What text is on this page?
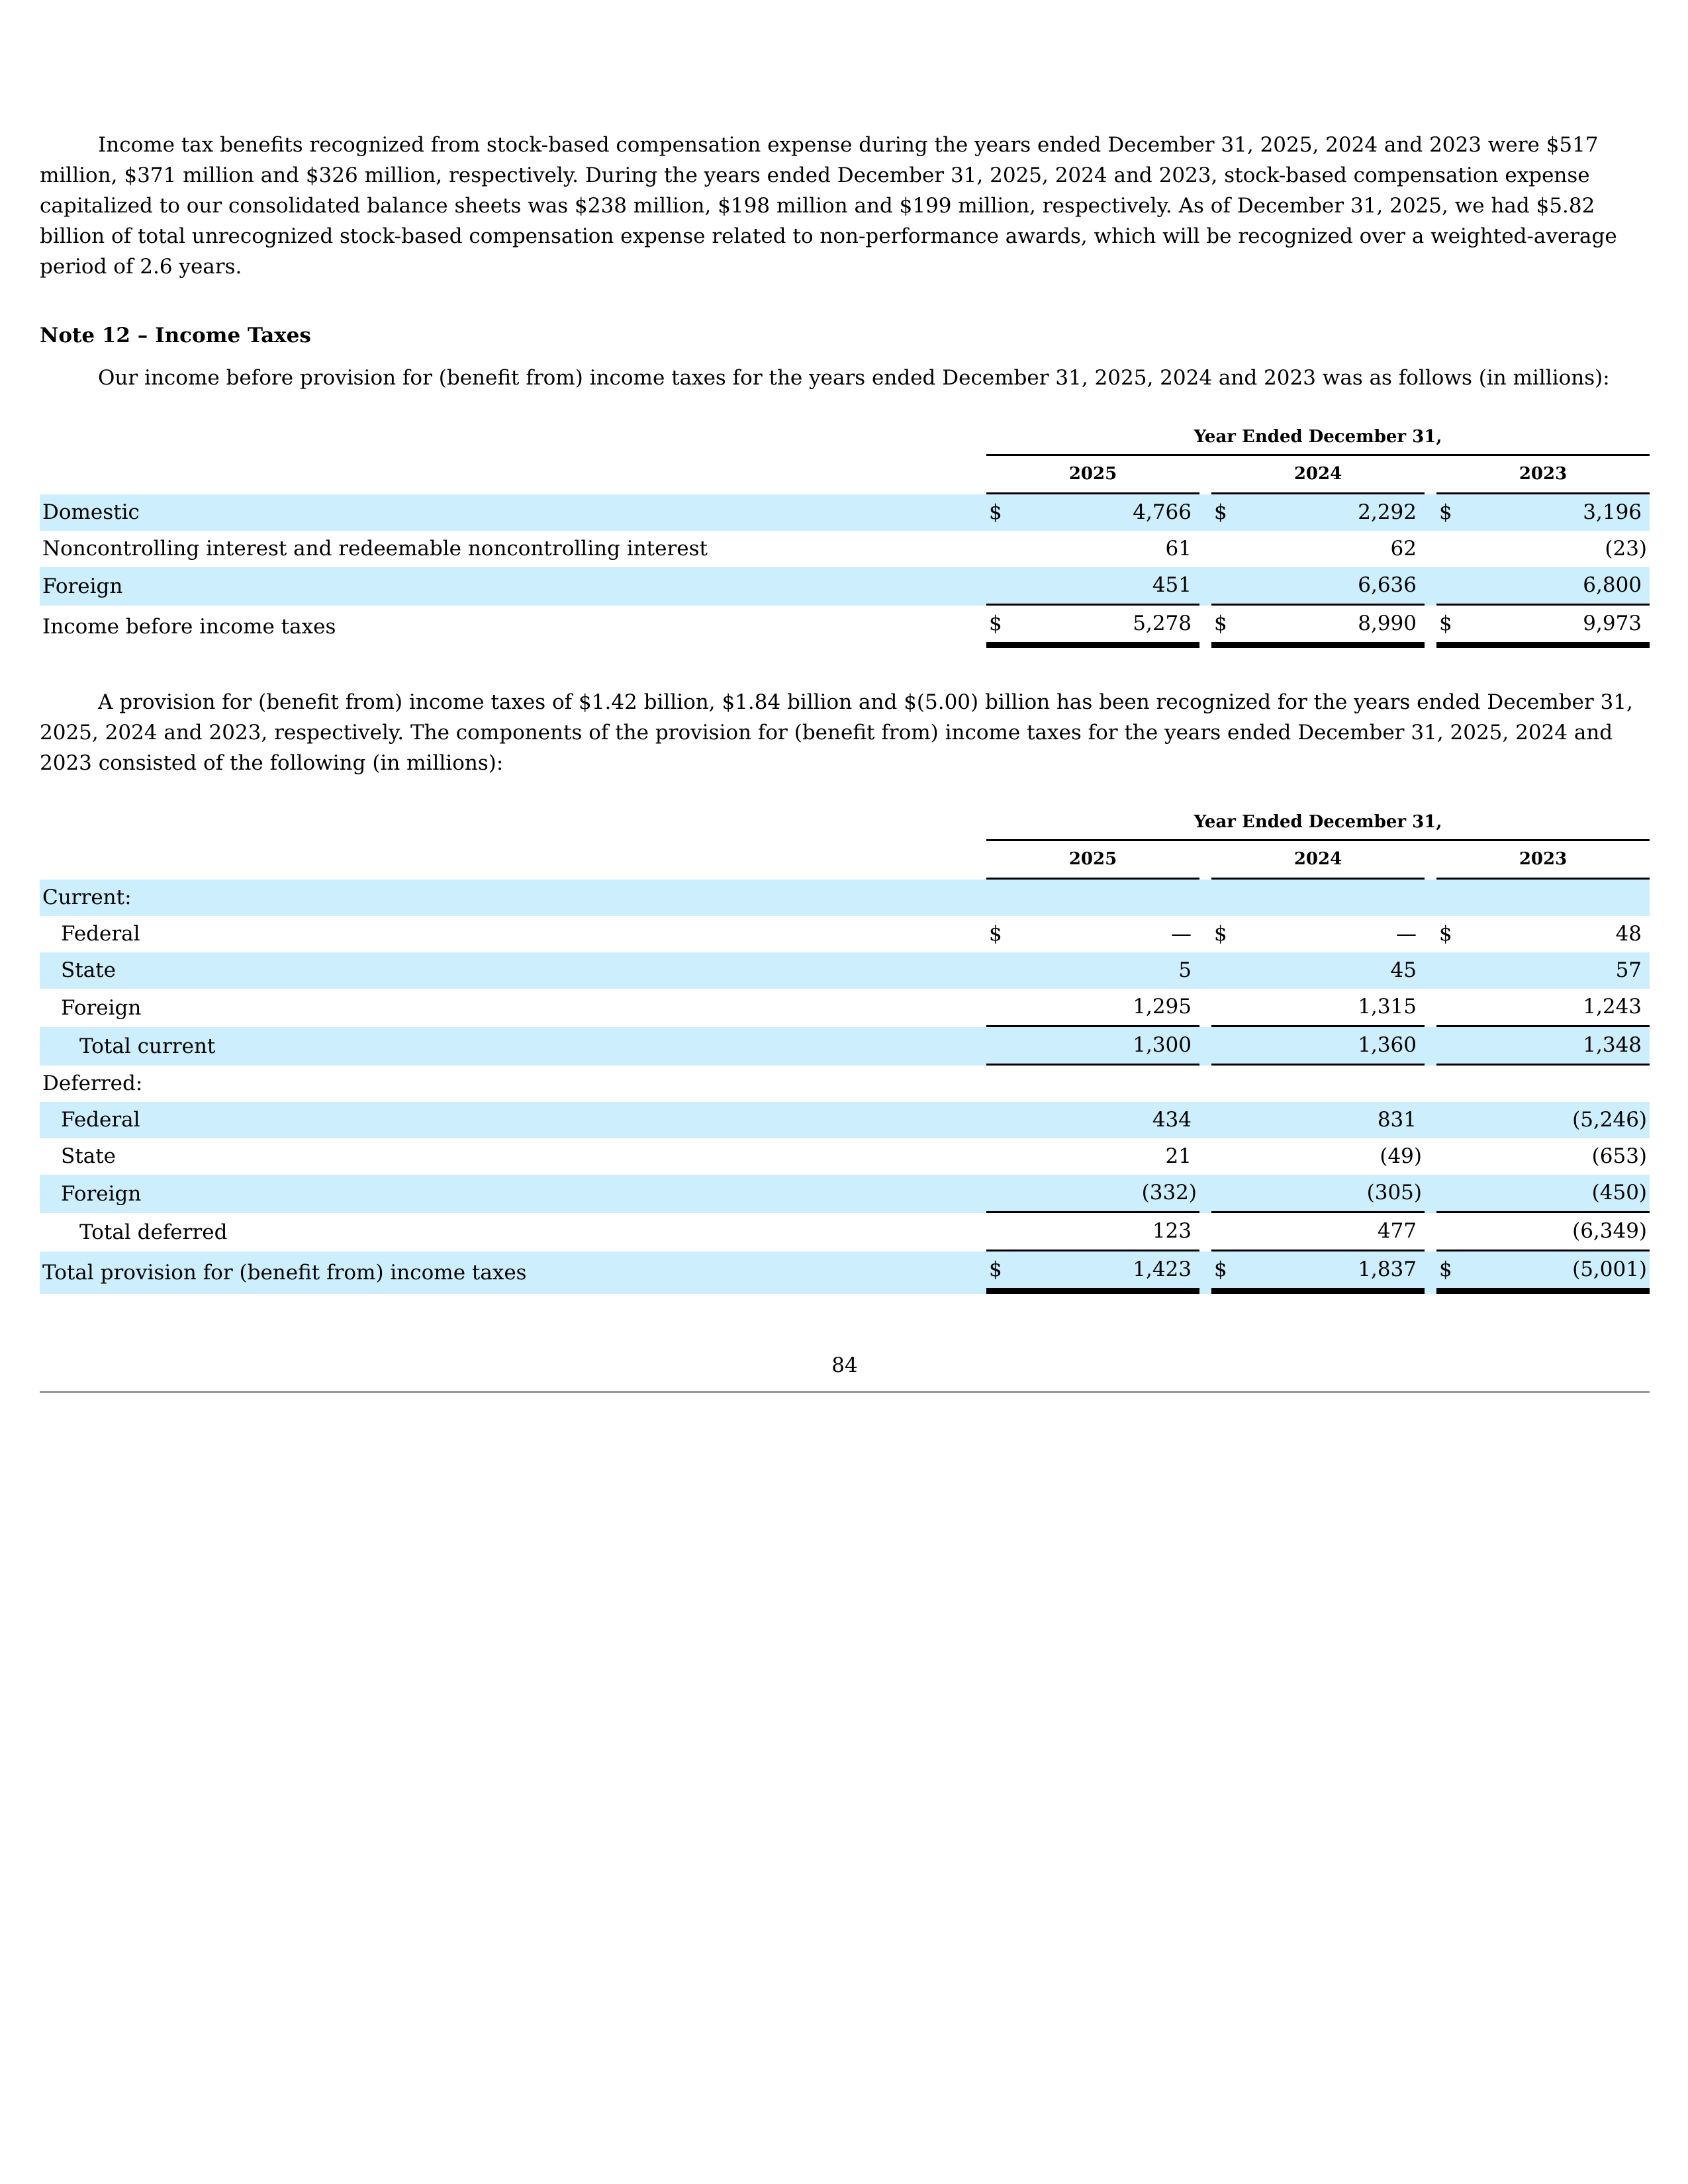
Income tax benefits recognized from stock-based compensation expense during the years ended December 31, 2025, 2024 and 2023 were $517 million, $371 million and $326 million, respectively. During the years ended December 31, 2025, 2024 and 2023, stock-based compensation expense capitalized to our consolidated balance sheets was $238 million, $198 million and $199 million, respectively. As of December 31, 2025, we had $5.82 billion of total unrecognized stock-based compensation expense related to non-performance awards, which will be recognized over a weighted-average period of 2.6 years.

Note 12 – Income Taxes

Our income before provision for (benefit from) income taxes for the years ended December 31, 2025, 2024 and 2023 was as follows (in millions):

	Year Ended December 31,				
	2025		2024		2023
Domestic	$ 4,766		$ 2,292		$ 3,196

Noncontrolling interest and redeemable noncontrolling interest	61		62		(23)

Foreign	451		6,636		6,800

Income before income taxes	$ 5,278		$ 8,990		$ 9,973

A provision for (benefit from) income taxes of $1.42 billion, $1.84 billion and $(5.00) billion has been recognized for the years ended December 31, 2025, 2024 and 2023, respectively. The components of the provision for (benefit from) income taxes for the years ended December 31, 2025, 2024 and 2023 consisted of the following (in millions):

	Year Ended December 31,				
	2025		2024		2023
Current:					
Federal	$ —		$ —		$ 48

State	5		45		57

Foreign	1,295		1,315		1,243

Total current	1,300		1,360		1,348

Deferred:					
Federal	434		831		(5,246)

State	21		(49)		(653)

Foreign	(332)		(305)		(450)

Total deferred	123		477		(6,349)

Total provision for (benefit from) income taxes	$ 1,423		$ 1,837		$ (5,001)

84
